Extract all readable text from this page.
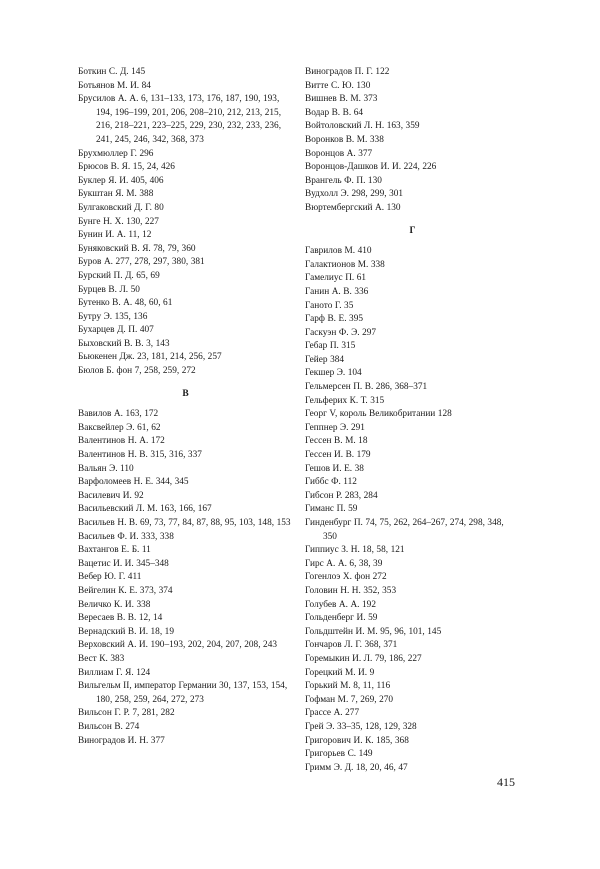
Боткин С. Д. 145
Ботьянов М. И. 84
Брусилов А. А. 6, 131–133, 173, 176, 187, 190, 193, 194, 196–199, 201, 206, 208–210, 212, 213, 215, 216, 218–221, 223–225, 229, 230, 232, 233, 236, 241, 245, 246, 342, 368, 373
Брухмюллер Г. 296
Брюсов В. Я. 15, 24, 426
Буклер Я. И. 405, 406
Букштан Я. М. 388
Булгаковский Д. Г. 80
Бунге Н. Х. 130, 227
Бунин И. А. 11, 12
Буняковский В. Я. 78, 79, 360
Буров А. 277, 278, 297, 380, 381
Бурский П. Д. 65, 69
Бурцев В. Л. 50
Бутенко В. А. 48, 60, 61
Бутру Э. 135, 136
Бухарцев Д. П. 407
Быховский В. В. 3, 143
Бьюкенен Дж. 23, 181, 214, 256, 257
Бюлов Б. фон 7, 258, 259, 272
В
Вавилов А. 163, 172
Ваксвейлер Э. 61, 62
Валентинов Н. А. 172
Валентинов Н. В. 315, 316, 337
Вальян Э. 110
Варфоломеев Н. Е. 344, 345
Василевич И. 92
Васильевский Л. М. 163, 166, 167
Васильев Н. В. 69, 73, 77, 84, 87, 88, 95, 103, 148, 153
Васильев Ф. И. 333, 338
Вахтангов Е. Б. 11
Вацетис И. И. 345–348
Вебер Ю. Г. 411
Вейгелин К. Е. 373, 374
Величко К. И. 338
Вересаев В. В. 12, 14
Вернадский В. И. 18, 19
Верховский А. И. 190–193, 202, 204, 207, 208, 243
Вест К. 383
Виллиам Г. Я. 124
Вильгельм II, император Германии 30, 137, 153, 154, 180, 258, 259, 264, 272, 273
Вильсон Г. Р. 7, 281, 282
Вильсон В. 274
Виноградов И. Н. 377
Виноградов П. Г. 122
Витте С. Ю. 130
Вишнев В. М. 373
Водар В. В. 64
Войтоловский Л. Н. 163, 359
Воронков В. М. 338
Воронцов А. 377
Воронцов-Дашков И. И. 224, 226
Врангель Ф. П. 130
Вудхолл Э. 298, 299, 301
Вюртембергский А. 130
Г
Гаврилов М. 410
Галактионов М. 338
Гамелиус П. 61
Ганин А. В. 336
Ганото Г. 35
Гарф В. Е. 395
Гаскуэн Ф. Э. 297
Гебар П. 315
Гейер 384
Гекшер Э. 104
Гельмерсен П. В. 286, 368–371
Гельферих К. Т. 315
Георг V, король Великобритании 128
Геппнер Э. 291
Гессен В. М. 18
Гессен И. В. 179
Гешов И. Е. 38
Гиббс Ф. 112
Гибсон Р. 283, 284
Гиманс П. 59
Гинденбург П. 74, 75, 262, 264–267, 274, 298, 348, 350
Гиппиус З. Н. 18, 58, 121
Гирс А. А. 6, 38, 39
Гогенлоэ Х. фон 272
Головин Н. Н. 352, 353
Голубев А. А. 192
Гольденберг И. 59
Гольдштейн И. М. 95, 96, 101, 145
Гончаров Л. Г. 368, 371
Горемыкин И. Л. 79, 186, 227
Горецкий М. И. 9
Горький М. 8, 11, 116
Гофман М. 7, 269, 270
Грассе А. 277
Грей Э. 33–35, 128, 129, 328
Григорович И. К. 185, 368
Григорьев С. 149
Гримм Э. Д. 18, 20, 46, 47
415
